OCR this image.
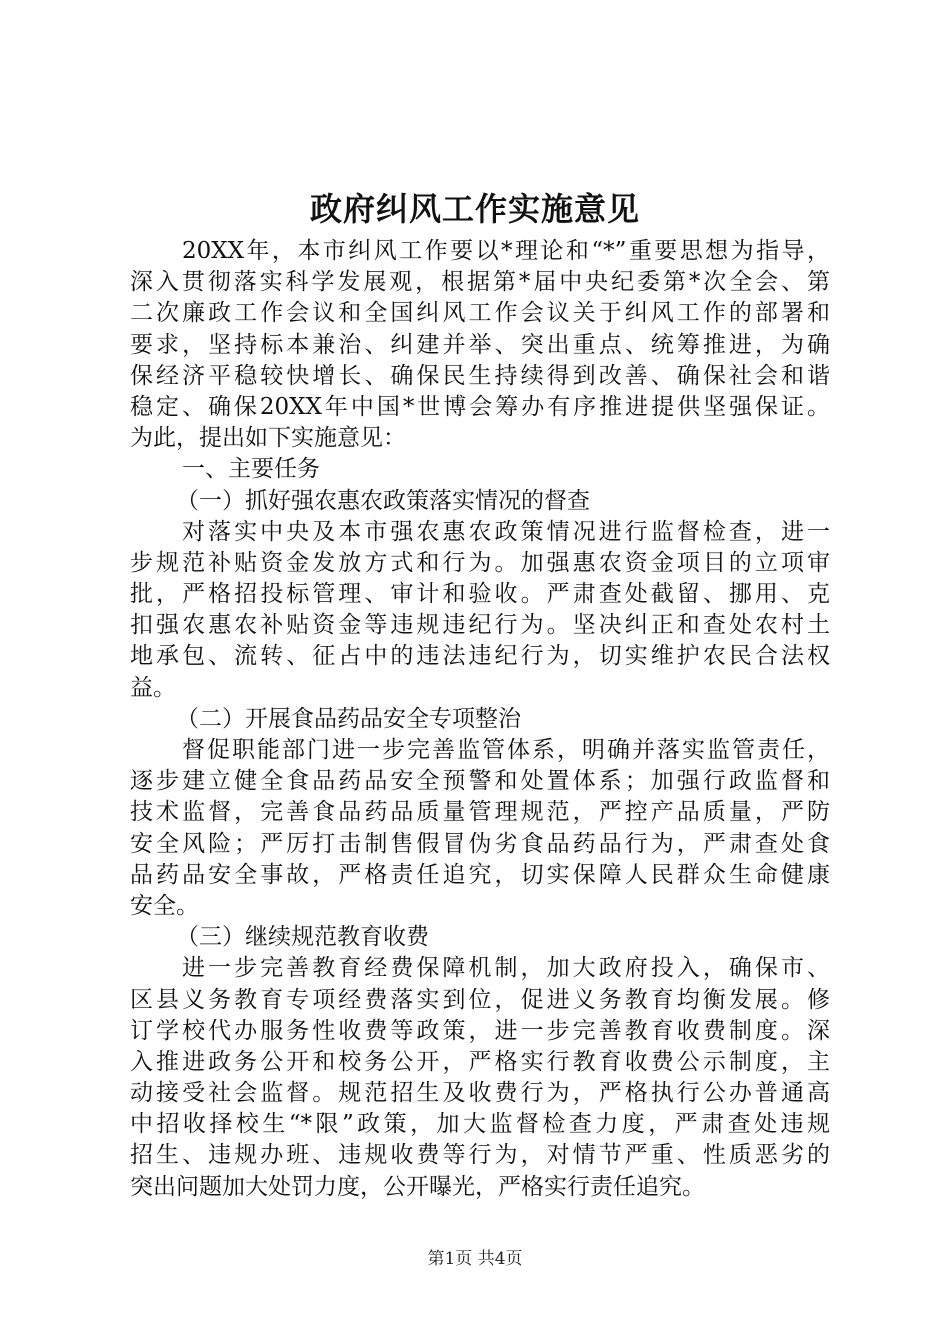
政府纠风工作实施意见
20XX年，本市纠风工作要以*理论和“*”重要思想为指导，
深入贯彻落实科学发展观，根据第*届中央纪委第*次全会、第
二次廉政工作会议和全国纠风工作会议关于纠风工作的部署和
要求，坚持标本兼治、纠建并举、突出重点、统筹推进，为确
保经济平稳较快增长、确保民生持续得到改善、确保社会和谐
稳定、确保20XX年中国*世博会筹办有序推进提供坚强保证。
为此，提出如下实施意见：
一、主要任务
（一）抓好强农惠农政策落实情况的督查
对落实中央及本市强农惠农政策情况进行监督检查，进一
步规范补贴资金发放方式和行为。加强惠农资金项目的立项审
批，严格招投标管理、审计和验收。严肃查处截留、挪用、克
扣强农惠农补贴资金等违规违纪行为。坚决纠正和查处农村土
地承包、流转、征占中的违法违纪行为，切实维护农民合法权
益。
（二）开展食品药品安全专项整治
督促职能部门进一步完善监管体系，明确并落实监管责任，
逐步建立健全食品药品安全预警和处置体系；加强行政监督和
技术监督，完善食品药品质量管理规范，严控产品质量，严防
安全风险；严厉打击制售假冒伪劣食品药品行为，严肃查处食
品药品安全事故，严格责任追究，切实保障人民群众生命健康
安全。
（三）继续规范教育收费
进一步完善教育经费保障机制，加大政府投入，确保市、
区县义务教育专项经费落实到位，促进义务教育均衡发展。修
订学校代办服务性收费等政策，进一步完善教育收费制度。深
入推进政务公开和校务公开，严格实行教育收费公示制度，主
动接受社会监督。规范招生及收费行为，严格执行公办普通高
中招收择校生“*限”政策，加大监督检查力度，严肃查处违规
招生、违规办班、违规收费等行为，对情节严重、性质恶劣的
突出问题加大处罚力度，公开曝光，严格实行责任追究。
第1页 共4页
